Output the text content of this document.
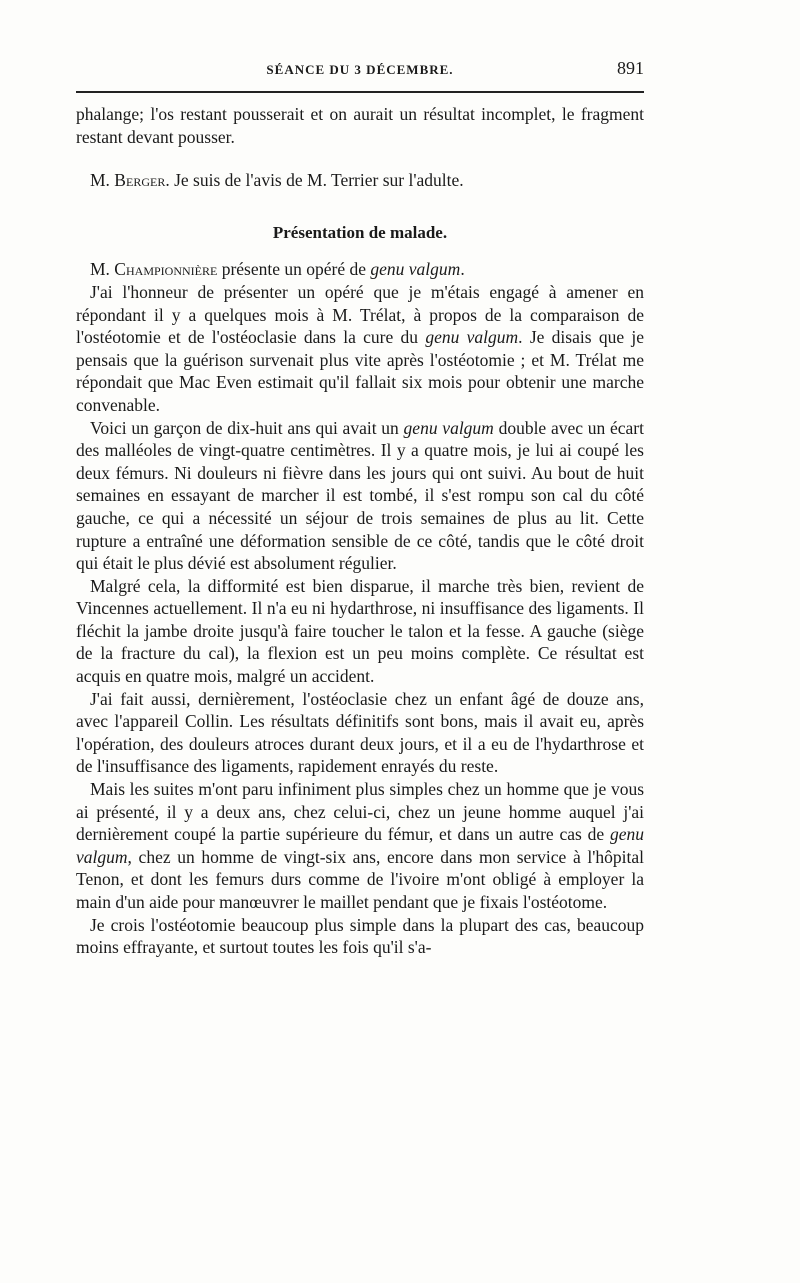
SÉANCE DU 3 DÉCEMBRE.	891

phalange; l'os restant pousserait et on aurait un résultat incomplet, le fragment restant devant pousser.

M. Berger. Je suis de l'avis de M. Terrier sur l'adulte.

Présentation de malade.

M. Championnière présente un opéré de genu valgum.

J'ai l'honneur de présenter un opéré que je m'étais engagé à amener en répondant il y a quelques mois à M. Trélat, à propos de la comparaison de l'ostéotomie et de l'ostéoclasie dans la cure du genu valgum. Je disais que je pensais que la guérison survenait plus vite après l'ostéotomie ; et M. Trélat me répondait que Mac Even estimait qu'il fallait six mois pour obtenir une marche convenable.

Voici un garçon de dix-huit ans qui avait un genu valgum double avec un écart des malléoles de vingt-quatre centimètres. Il y a quatre mois, je lui ai coupé les deux fémurs. Ni douleurs ni fièvre dans les jours qui ont suivi. Au bout de huit semaines en essayant de marcher il est tombé, il s'est rompu son cal du côté gauche, ce qui a nécessité un séjour de trois semaines de plus au lit. Cette rupture a entraîné une déformation sensible de ce côté, tandis que le côté droit qui était le plus dévié est absolument régulier.

Malgré cela, la difformité est bien disparue, il marche très bien, revient de Vincennes actuellement. Il n'a eu ni hydarthrose, ni insuffisance des ligaments. Il fléchit la jambe droite jusqu'à faire toucher le talon et la fesse. A gauche (siège de la fracture du cal), la flexion est un peu moins complète. Ce résultat est acquis en quatre mois, malgré un accident.

J'ai fait aussi, dernièrement, l'ostéoclasie chez un enfant âgé de douze ans, avec l'appareil Collin. Les résultats définitifs sont bons, mais il avait eu, après l'opération, des douleurs atroces durant deux jours, et il a eu de l'hydarthrose et de l'insuffisance des ligaments, rapidement enrayés du reste.

Mais les suites m'ont paru infiniment plus simples chez un homme que je vous ai présenté, il y a deux ans, chez celui-ci, chez un jeune homme auquel j'ai dernièrement coupé la partie supérieure du fémur, et dans un autre cas de genu valgum, chez un homme de vingt-six ans, encore dans mon service à l'hôpital Tenon, et dont les femurs durs comme de l'ivoire m'ont obligé à employer la main d'un aide pour manœuvrer le maillet pendant que je fixais l'ostéotome.

Je crois l'ostéotomie beaucoup plus simple dans la plupart des cas, beaucoup moins effrayante, et surtout toutes les fois qu'il s'a-
